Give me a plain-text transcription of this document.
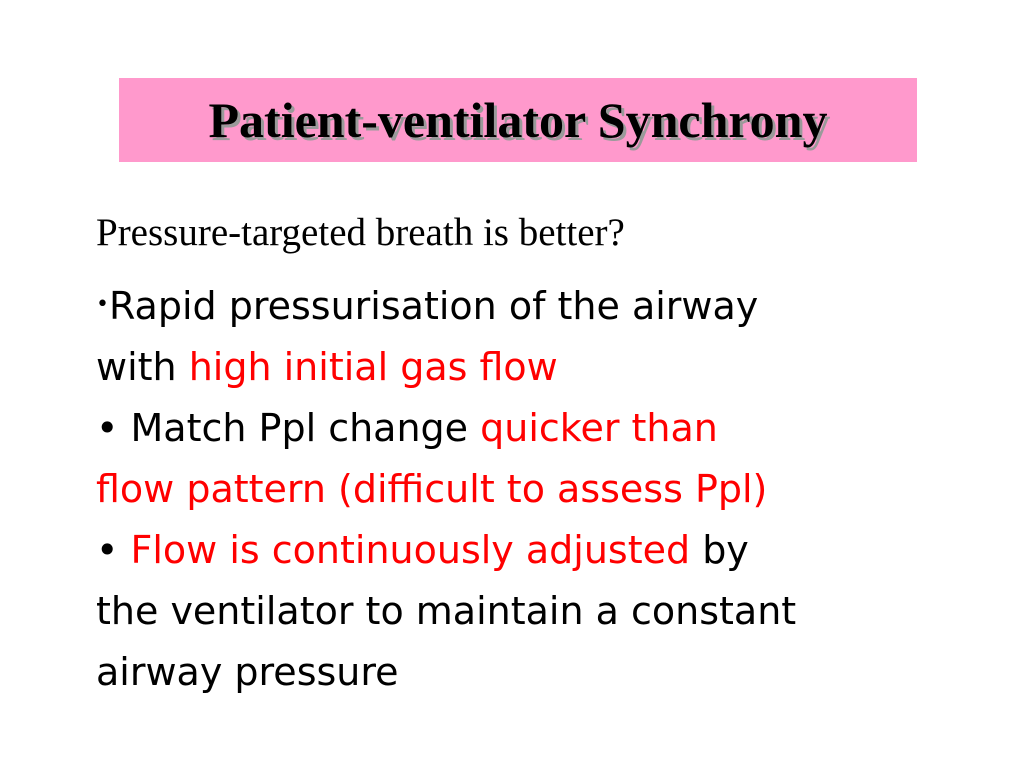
Patient-ventilator Synchrony
Pressure-targeted breath is better?
•Rapid pressurisation of the airway
with high initial gas flow
• Match Ppl change quicker than
flow pattern (difficult to assess Ppl)
• Flow is continuously adjusted by
the ventilator to maintain a constant
airway pressure
